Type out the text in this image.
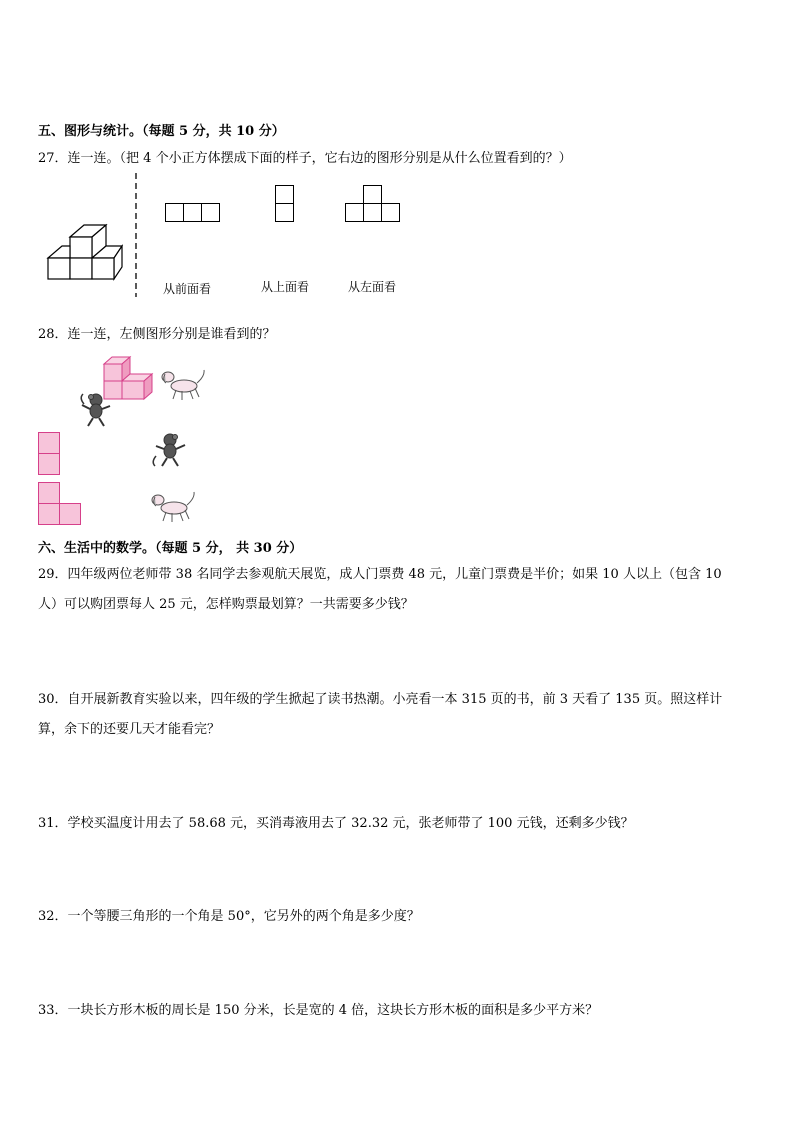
五、图形与统计。（每题 5 分，共 10 分）
27．连一连。（把 4 个小正方体摆成下面的样子，它右边的图形分别是从什么位置看到的？）
从前面看	从上面看	从左面看
28．连一连，左侧图形分别是谁看到的？
六、生活中的数学。（每题 5 分， 共 30 分）
29．四年级两位老师带 38 名同学去参观航天展览，成人门票费 48 元，儿童门票费是半价；如果 10 人以上（包含 10
人）可以购团票每人 25 元，怎样购票最划算？一共需要多少钱？
30．自开展新教育实验以来，四年级的学生掀起了读书热潮。小亮看一本 315 页的书，前 3 天看了 135 页。照这样计
算，余下的还要几天才能看完？
31．学校买温度计用去了 58.68 元，买消毒液用去了 32.32 元，张老师带了 100 元钱，还剩多少钱？
32．一个等腰三角形的一个角是 50°，它另外的两个角是多少度？
33．一块长方形木板的周长是 150 分米，长是宽的 4 倍，这块长方形木板的面积是多少平方米？
